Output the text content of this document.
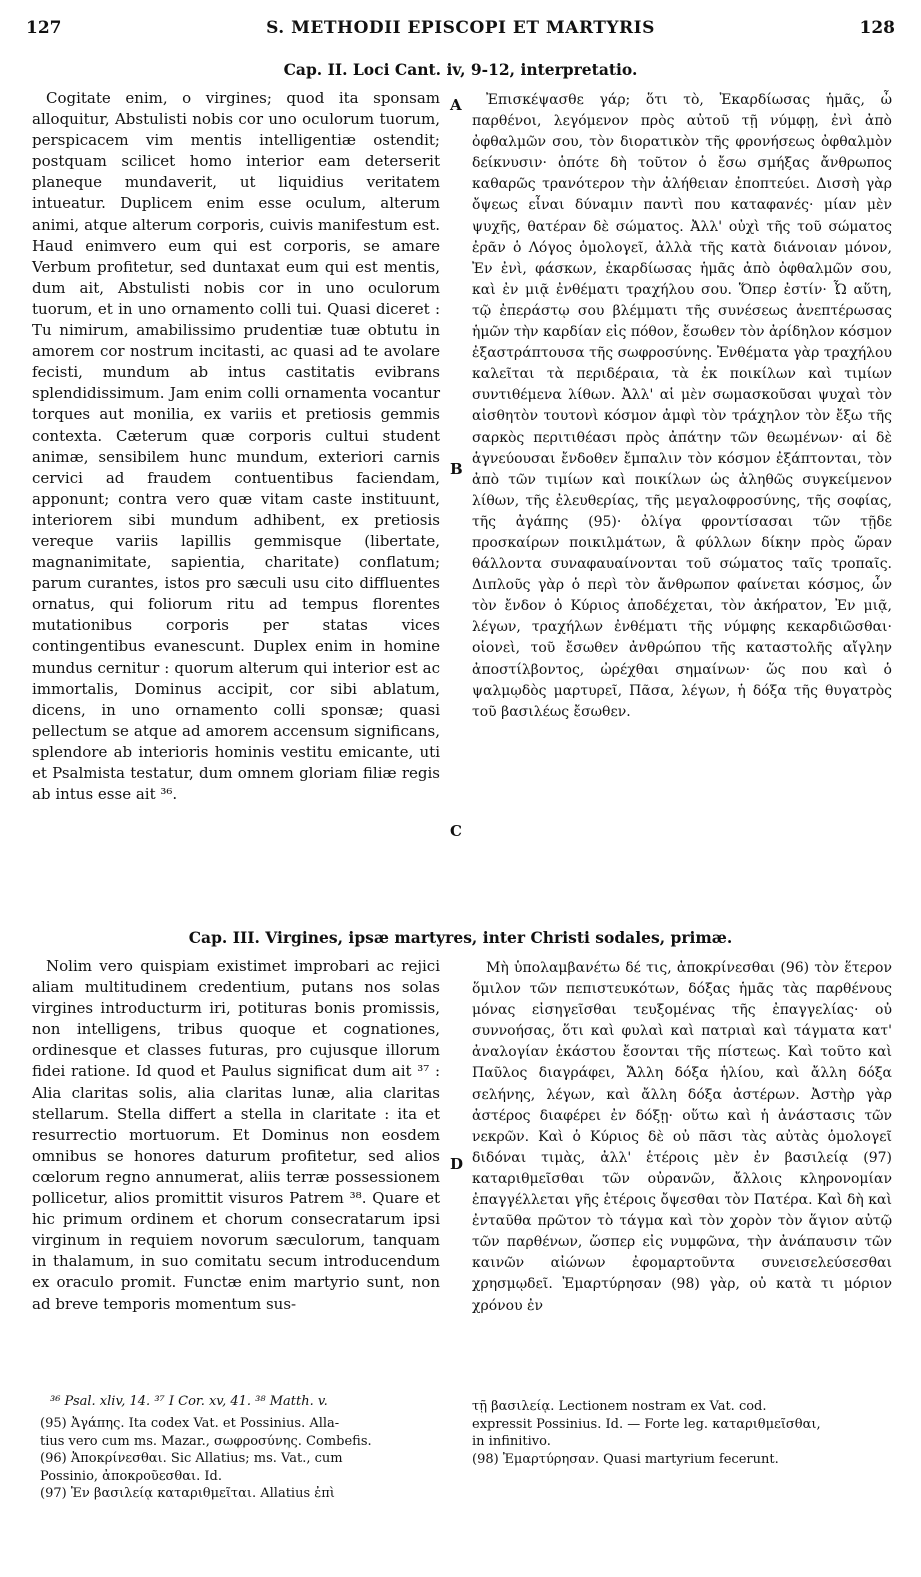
127	S. METHODII EPISCOPI ET MARTYRIS	128
Cap. II. Loci Cant. iv, 9-12, interpretatio.

Cogitate enim, o virgines; quod ita sponsam alloquitur, Abstulisti nobis cor uno oculorum tuorum, perspicacem vim mentis intelligentiæ ostendit; postquam scilicet homo interior eam deterserit planeque mundaverit, ut liquidius veritatem intueatur. Duplicem enim esse oculum, alterum animi, atque alterum corporis, cuivis manifestum est. Haud enimvero eum qui est corporis, se amare Verbum profitetur, sed duntaxat eum qui est mentis, dum ait, Abstulisti nobis cor in uno oculorum tuorum, et in uno ornamento colli tui. Quasi diceret : Tu nimirum, amabilissimo prudentiæ tuæ obtutu in amorem cor nostrum incitasti, ac quasi ad te avolare fecisti, mundum ab intus castitatis evibrans splendidissimum. Jam enim colli ornamenta vocantur torques aut monilia, ex variis et pretiosis gemmis contexta. Cæterum quæ corporis cultui student animæ, sensibilem hunc mundum, exteriori carnis cervici ad fraudem contuentibus faciendam, apponunt; contra vero quæ vitam caste instituunt, interiorem sibi mundum adhibent, ex pretiosis vereque variis lapillis gemmisque (libertate, magnanimitate, sapientia, charitate) conflatum; parum curantes, istos pro sæculi usu cito diffluentes ornatus, qui foliorum ritu ad tempus florentes mutationibus corporis per statas vices contingentibus evanescunt. Duplex enim in homine mundus cernitur : quorum alterum qui interior est ac immortalis, Dominus accipit, cor sibi ablatum, dicens, in uno ornamento colli sponsæ; quasi pellectum se atque ad amorem accensum significans, splendore ab interioris hominis vestitu emicante, uti et Psalmista testatur, dum omnem gloriam filiæ regis ab intus esse ait ³⁶.

Ἐπισκέψασθε γάρ; ὅτι τὸ, Ἐκαρδίωσας ἡμᾶς, ὦ παρθένοι, λεγόμενον πρὸς αὐτοῦ τῇ νύμφῃ, ἐνὶ ἀπὸ ὀφθαλμῶν σου, τὸν διορατικὸν τῆς φρονήσεως ὀφθαλμὸν δείκνυσιν· ὁπότε δὴ τοῦτον ὁ ἔσω σμήξας ἄνθρωπος καθαρῶς τρανότερον τὴν ἀλήθειαν ἐποπτεύει. Δισσὴ γὰρ ὄψεως εἶναι δύναμιν παντὶ που καταφανές· μίαν μὲν ψυχῆς, θατέραν δὲ σώματος. Ἀλλ' οὐχὶ τῆς τοῦ σώματος ἐρᾶν ὁ Λόγος ὁμολογεῖ, ἀλλὰ τῆς κατὰ διάνοιαν μόνον, Ἐν ἐνὶ, φάσκων, ἐκαρδίωσας ἡμᾶς ἀπὸ ὀφθαλμῶν σου, καὶ ἐν μιᾷ ἐνθέματι τραχήλου σου. Ὅπερ ἐστίν· Ὦ αὕτη, τῷ ἐπεράστῳ σου βλέμματι τῆς συνέσεως ἀνεπτέρωσας ἡμῶν τὴν καρδίαν εἰς πόθον, ἔσωθεν τὸν ἀρίδηλον κόσμον ἐξαστράπτουσα τῆς σωφροσύνης. Ἐνθέματα γὰρ τραχήλου καλεῖται τὰ περιδέραια, τὰ ἐκ ποικίλων καὶ τιμίων συντιθέμενα λίθων. Ἀλλ' αἱ μὲν σωμασκοῦσαι ψυχαὶ τὸν αἰσθητὸν τουτονὶ κόσμον ἀμφὶ τὸν τράχηλον τὸν ἔξω τῆς σαρκὸς περιτιθέασι πρὸς ἀπάτην τῶν θεωμένων· αἱ δὲ ἁγνεύουσαι ἔνδοθεν ἔμπαλιν τὸν κόσμον ἐξάπτονται, τὸν ἀπὸ τῶν τιμίων καὶ ποικίλων ὡς ἀληθῶς συγκείμενον λίθων, τῆς ἐλευθερίας, τῆς μεγαλοφροσύνης, τῆς σοφίας, τῆς ἀγάπης (95)· ὀλίγα φροντίσασαι τῶν τῇδε προσκαίρων ποικιλμάτων, ἃ φύλλων δίκην πρὸς ὥραν θάλλοντα συναφαυαίνονται τοῦ σώματος ταῖς τροπαῖς. Διπλοῦς γὰρ ὁ περὶ τὸν ἄνθρωπον φαίνεται κόσμος, ὧν τὸν ἔνδον ὁ Κύριος ἀποδέχεται, τὸν ἀκήρατον, Ἐν μιᾷ, λέγων, τραχήλων ἐνθέματι τῆς νύμφης κεκαρδιῶσθαι· οἱονεὶ, τοῦ ἔσωθεν ἀνθρώπου τῆς καταστολῆς αἴγλην ἀποστίλβοντος, ὠρέχθαι σημαίνων· ὥς που καὶ ὁ ψαλμῳδὸς μαρτυρεῖ, Πᾶσα, λέγων, ἡ δόξα τῆς θυγατρὸς τοῦ βασιλέως ἔσωθεν.

A
B
C
D
Cap. III. Virgines, ipsæ martyres, inter Christi sodales, primæ.

Nolim vero quispiam existimet improbari ac rejici aliam multitudinem credentium, putans nos solas virgines introducturm iri, potituras bonis promissis, non intelligens, tribus quoque et cognationes, ordinesque et classes futuras, pro cujusque illorum fidei ratione. Id quod et Paulus significat dum ait ³⁷ : Alia claritas solis, alia claritas lunæ, alia claritas stellarum. Stella differt a stella in claritate : ita et resurrectio mortuorum. Et Dominus non eosdem omnibus se honores daturum profitetur, sed alios cœlorum regno annumerat, aliis terræ possessionem pollicetur, alios promittit visuros Patrem ³⁸. Quare et hic primum ordinem et chorum consecratarum ipsi virginum in requiem novorum sæculorum, tanquam in thalamum, in suo comitatu secum introducendum ex oraculo promit. Functæ enim martyrio sunt, non ad breve temporis momentum sus-

Μὴ ὑπολαμβανέτω δέ τις, ἀποκρίνεσθαι (96) τὸν ἕτερον ὅμιλον τῶν πεπιστευκότων, δόξας ἡμᾶς τὰς παρθένους μόνας εἰσηγεῖσθαι τευξομένας τῆς ἐπαγγελίας· οὐ συννοήσας, ὅτι καὶ φυλαὶ καὶ πατριαὶ καὶ τάγματα κατ' ἀναλογίαν ἑκάστου ἔσονται τῆς πίστεως. Καὶ τοῦτο καὶ Παῦλος διαγράφει, Ἄλλη δόξα ἡλίου, καὶ ἄλλη δόξα σελήνης, λέγων, καὶ ἄλλη δόξα ἀστέρων. Ἀστὴρ γὰρ ἀστέρος διαφέρει ἐν δόξῃ· οὕτω καὶ ἡ ἀνάστασις τῶν νεκρῶν. Καὶ ὁ Κύριος δὲ οὐ πᾶσι τὰς αὐτὰς ὁμολογεῖ διδόναι τιμὰς, ἀλλ' ἑτέροις μὲν ἐν βασιλείᾳ (97) καταριθμεῖσθαι τῶν οὐρανῶν, ἄλλοις κληρονομίαν ἐπαγγέλλεται γῆς ἑτέροις ὄψεσθαι τὸν Πατέρα. Καὶ δὴ καὶ ἐνταῦθα πρῶτον τὸ τάγμα καὶ τὸν χορὸν τὸν ἅγιον αὐτῷ τῶν παρθένων, ὥσπερ εἰς νυμφῶνα, τὴν ἀνάπαυσιν τῶν καινῶν αἰώνων ἐφομαρτοῦντα συνεισελεύσεσθαι χρησμῳδεῖ. Ἐμαρτύρησαν (98) γὰρ, οὐ κατὰ τι μόριον χρόνου ἐν

³⁶ Psal. xliv, 14. ³⁷ I Cor. xv, 41. ³⁸ Matth. v.
(95) Ἀγάπης. Ita codex Vat. et Possinius. Alla-
tius vero cum ms. Mazar., σωφροσύνης. Combefis.
(96) Ἀποκρίνεσθαι. Sic Allatius; ms. Vat., cum
Possinio, ἀποκροῦεσθαι. Id.
(97) Ἐν βασιλείᾳ καταριθμεῖται. Allatius ἐπὶ
τῇ βασιλείᾳ. Lectionem nostram ex Vat. cod.
expressit Possinius. Id. — Forte leg. καταριθμεῖσθαι,
in infinitivo.
(98) Ἐμαρτύρησαν. Quasi martyrium fecerunt.
